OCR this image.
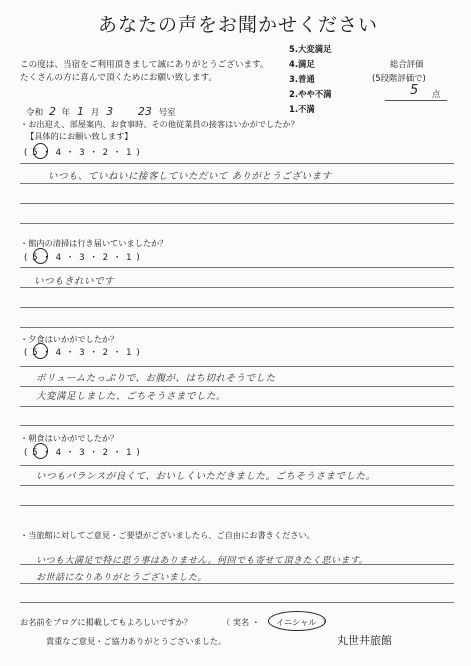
あなたの声をお聞かせください
この度は、当宿をご利用頂きまして誠にありがとうございます。
たくさんの方に喜んで頂くためにお願い致します。
5.大変満足
4.満足
3.普通
2.やや不満
1.不満
総合評価
(5段階評価で)
5 点
令和 2 年 1 月 3 23 号室
・お出迎え、部屋案内、お食事時、その他従業員の接客はいかがでしたか？
【具体的にお願い致します】
( 5 ・ 4 ・ 3 ・ 2 ・ 1 )
いつも、ていねいに接客していただいて ありがとうございます
・館内の清掃は行き届いていましたか？
( 5 ・ 4 ・ 3 ・ 2 ・ 1 )
いつもきれいです
・夕食はいかがでしたか？
( 5 ・ 4 ・ 3 ・ 2 ・ 1 )
ボリュームたっぷりで、お腹が、はち切れそうでした
大変満足しました、ごちそうさまでした。
・朝食はいかがでしたか？
( 5 ・ 4 ・ 3 ・ 2 ・ 1 )
いつもバランスが良くて、おいしくいただきました。ごちそうさまでした。
・当旅館に対してご意見・ご要望がございましたら、ご自由にお書きください。
いつも大満足で特に思う事はありません。何回でも寄せて頂きたく思います。
お世話になりありがとうございました。
お名前をブログに掲載してもよろしいですか？	（ 実名 ・ イニシャル ）
貴重なご意見・ご協力ありがとうございました。	丸世井旅館
